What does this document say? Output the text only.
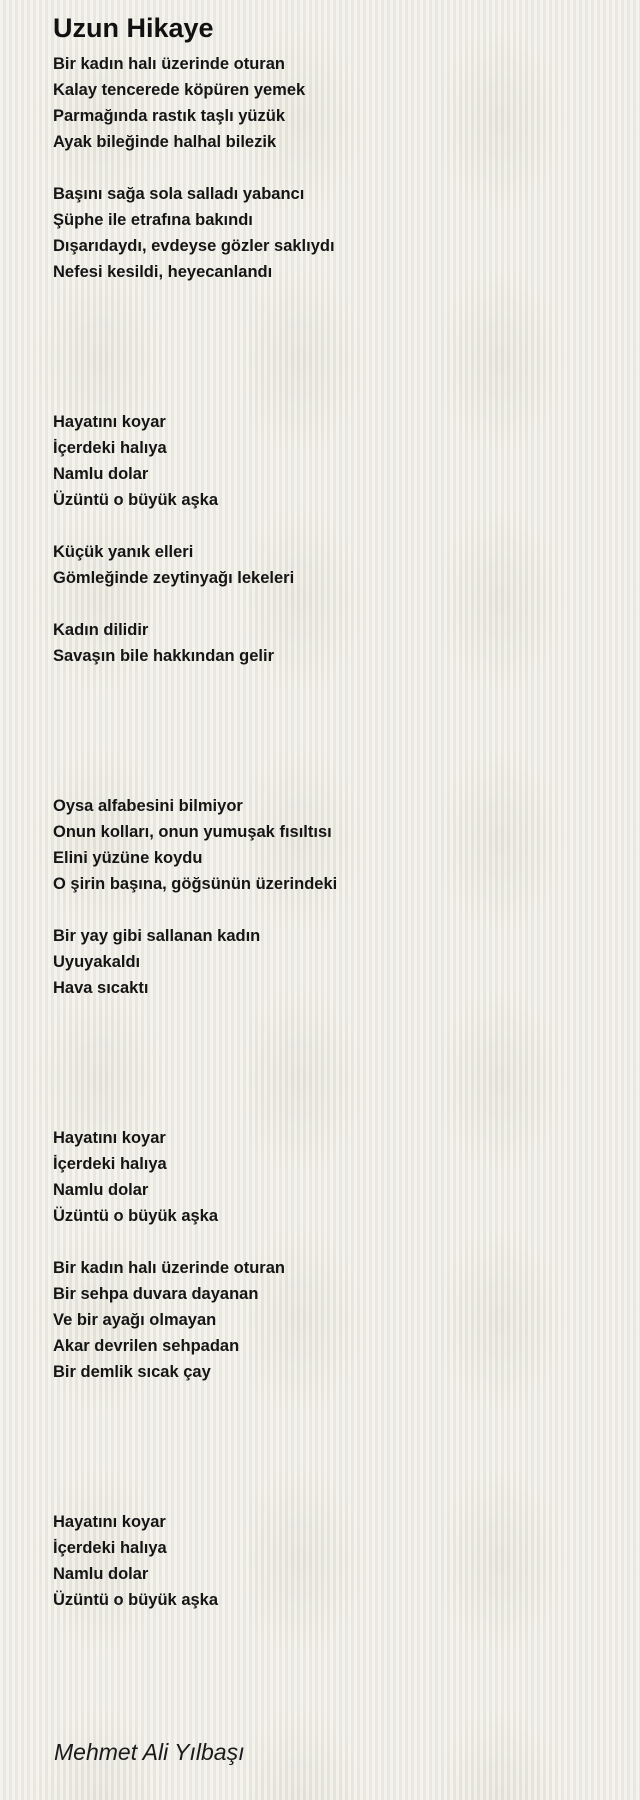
Uzun Hikaye
Bir kadın halı üzerinde oturan
Kalay tencerede köpüren yemek
Parmağında rastık taşlı yüzük
Ayak bileğinde halhal bilezik
Başını sağa sola salladı yabancı
Şüphe ile etrafına bakındı
Dışarıdaydı, evdeyse gözler saklıydı
Nefesi kesildi, heyecanlandı
Hayatını koyar
İçerdeki halıya
Namlu dolar
Üzüntü o büyük aşka
Küçük yanık elleri
Gömleğinde zeytinyağı lekeleri
Kadın dilidir
Savaşın bile hakkından gelir
Oysa alfabesini bilmiyor
Onun kolları, onun yumuşak fısıltısı
Elini yüzüne koydu
O şirin başına, göğsünün üzerindeki
Bir yay gibi sallanan kadın
Uyuyakaldı
Hava sıcaktı
Hayatını koyar
İçerdeki halıya
Namlu dolar
Üzüntü o büyük aşka
Bir kadın halı üzerinde oturan
Bir sehpa duvara dayanan
Ve bir ayağı olmayan
Akar devrilen sehpadan
Bir demlik sıcak çay
Hayatını koyar
İçerdeki halıya
Namlu dolar
Üzüntü o büyük aşka
Mehmet Ali Yılbaşı
